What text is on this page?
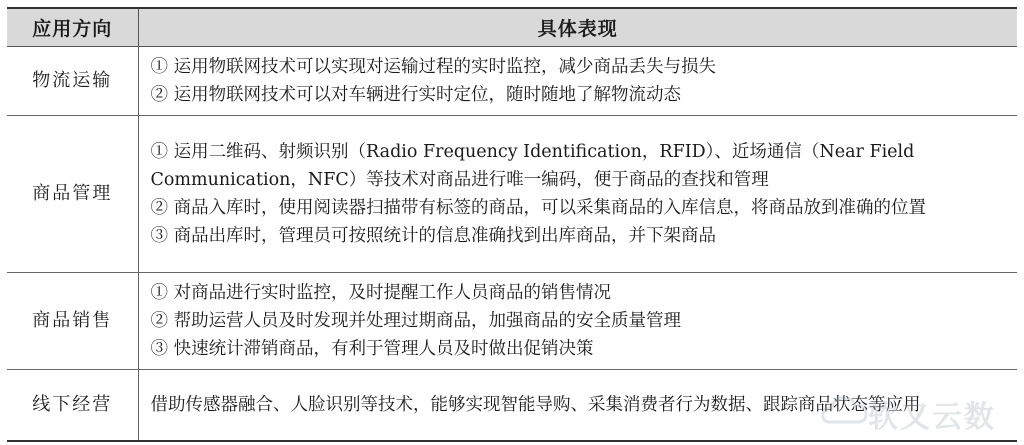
应用方向	具体表现
物流运输	① 运用物联网技术可以实现对运输过程的实时监控，减少商品丢失与损失
② 运用物联网技术可以对车辆进行实时定位，随时随地了解物流动态

商品管理	① 运用二维码、射频识别（Radio Frequency Identification，RFID）、近场通信（Near Field Communication，NFC）等技术对商品进行唯一编码，便于商品的查找和管理
② 商品入库时，使用阅读器扫描带有标签的商品，可以采集商品的入库信息，将商品放到准确的位置
③ 商品出库时，管理员可按照统计的信息准确找到出库商品，并下架商品

商品销售	① 对商品进行实时监控，及时提醒工作人员商品的销售情况
② 帮助运营人员及时发现并处理过期商品，加强商品的安全质量管理
③ 快速统计滞销商品，有利于管理人员及时做出促销决策

线下经营	借助传感器融合、人脸识别等技术，能够实现智能导购、采集消费者行为数据、跟踪商品状态等应用
软又云数
